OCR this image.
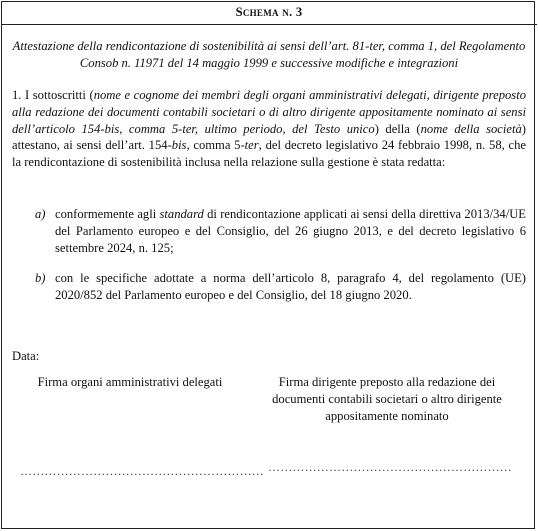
Schema n. 3
Attestazione della rendicontazione di sostenibilità ai sensi dell’art. 81-ter, comma 1, del Regolamento Consob n. 11971 del 14 maggio 1999 e successive modifiche e integrazioni
1. I sottoscritti (nome e cognome dei membri degli organi amministrativi delegati, dirigente preposto alla redazione dei documenti contabili societari o di altro dirigente appositamente nominato ai sensi dell’articolo 154-bis, comma 5-ter, ultimo periodo, del Testo unico) della (nome della società) attestano, ai sensi dell’art. 154-bis, comma 5-ter, del decreto legislativo 24 febbraio 1998, n. 58, che la rendicontazione di sostenibilità inclusa nella relazione sulla gestione è stata redatta:
a) conformemente agli standard di rendicontazione applicati ai sensi della direttiva 2013/34/UE del Parlamento europeo e del Consiglio, del 26 giugno 2013, e del decreto legislativo 6 settembre 2024, n. 125;
b) con le specifiche adottate a norma dell’articolo 8, paragrafo 4, del regolamento (UE) 2020/852 del Parlamento europeo e del Consiglio, del 18 giugno 2020.
Data:
Firma organi amministrativi delegati	Firma dirigente preposto alla redazione dei documenti contabili societari o altro dirigente appositamente nominato
…………………………………………………… ……………………………………………………
